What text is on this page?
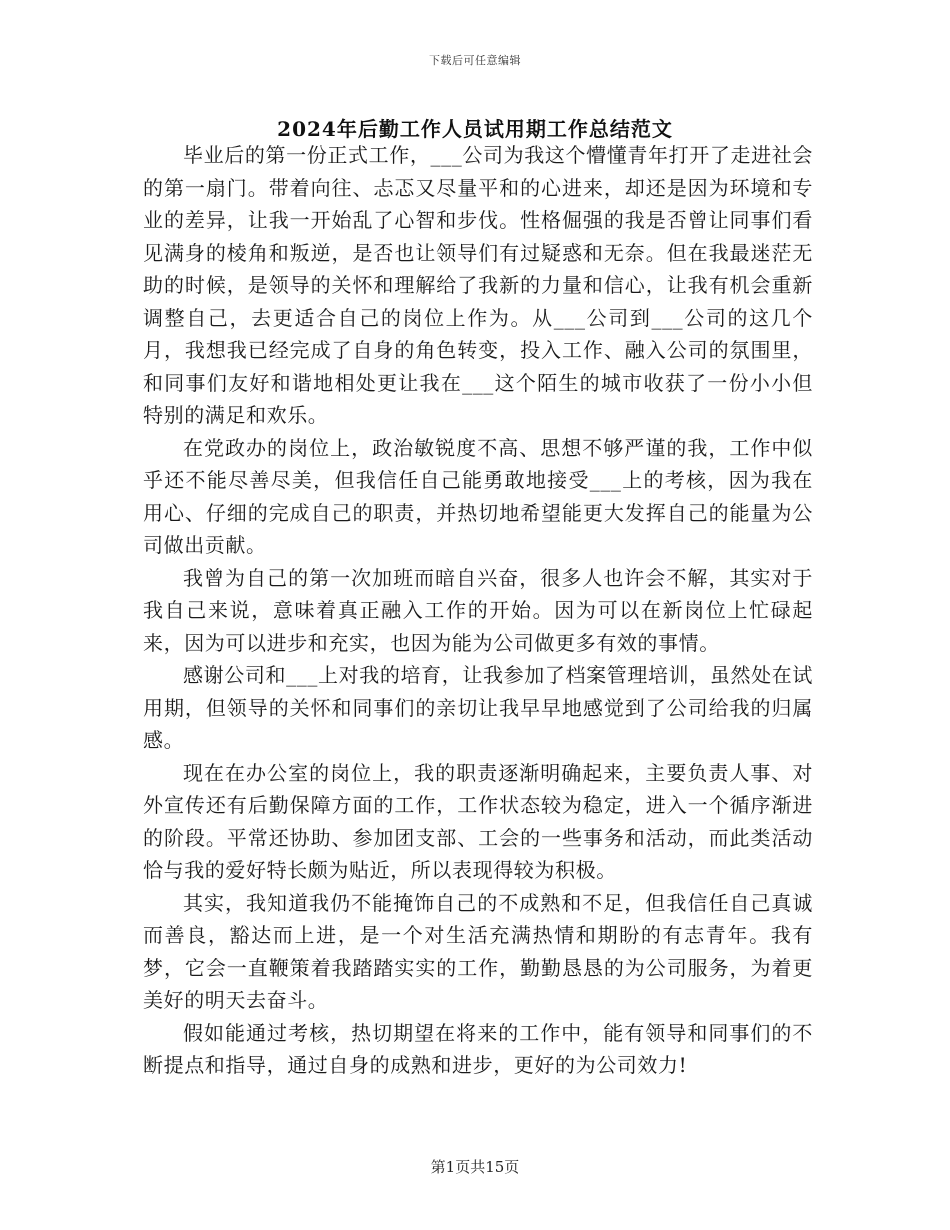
下载后可任意编辑
2024年后勤工作人员试用期工作总结范文

毕业后的第一份正式工作，___公司为我这个懵懂青年打开了走进社会的第一扇门。带着向往、忐忑又尽量平和的心进来，却还是因为环境和专业的差异，让我一开始乱了心智和步伐。性格倔强的我是否曾让同事们看见满身的棱角和叛逆，是否也让领导们有过疑惑和无奈。但在我最迷茫无助的时候，是领导的关怀和理解给了我新的力量和信心，让我有机会重新调整自己，去更适合自己的岗位上作为。从___公司到___公司的这几个月，我想我已经完成了自身的角色转变，投入工作、融入公司的氛围里，和同事们友好和谐地相处更让我在___这个陌生的城市收获了一份小小但特别的满足和欢乐。

在党政办的岗位上，政治敏锐度不高、思想不够严谨的我，工作中似乎还不能尽善尽美，但我信任自己能勇敢地接受___上的考核，因为我在用心、仔细的完成自己的职责，并热切地希望能更大发挥自己的能量为公司做出贡献。

我曾为自己的第一次加班而暗自兴奋，很多人也许会不解，其实对于我自己来说，意味着真正融入工作的开始。因为可以在新岗位上忙碌起来，因为可以进步和充实，也因为能为公司做更多有效的事情。

感谢公司和___上对我的培育，让我参加了档案管理培训，虽然处在试用期，但领导的关怀和同事们的亲切让我早早地感觉到了公司给我的归属感。

现在在办公室的岗位上，我的职责逐渐明确起来，主要负责人事、对外宣传还有后勤保障方面的工作，工作状态较为稳定，进入一个循序渐进的阶段。平常还协助、参加团支部、工会的一些事务和活动，而此类活动恰与我的爱好特长颇为贴近，所以表现得较为积极。

其实，我知道我仍不能掩饰自己的不成熟和不足，但我信任自己真诚而善良，豁达而上进，是一个对生活充满热情和期盼的有志青年。我有梦，它会一直鞭策着我踏踏实实的工作，勤勤恳恳的为公司服务，为着更美好的明天去奋斗。

假如能通过考核，热切期望在将来的工作中，能有领导和同事们的不断提点和指导，通过自身的成熟和进步，更好的为公司效力!

第1页共15页
